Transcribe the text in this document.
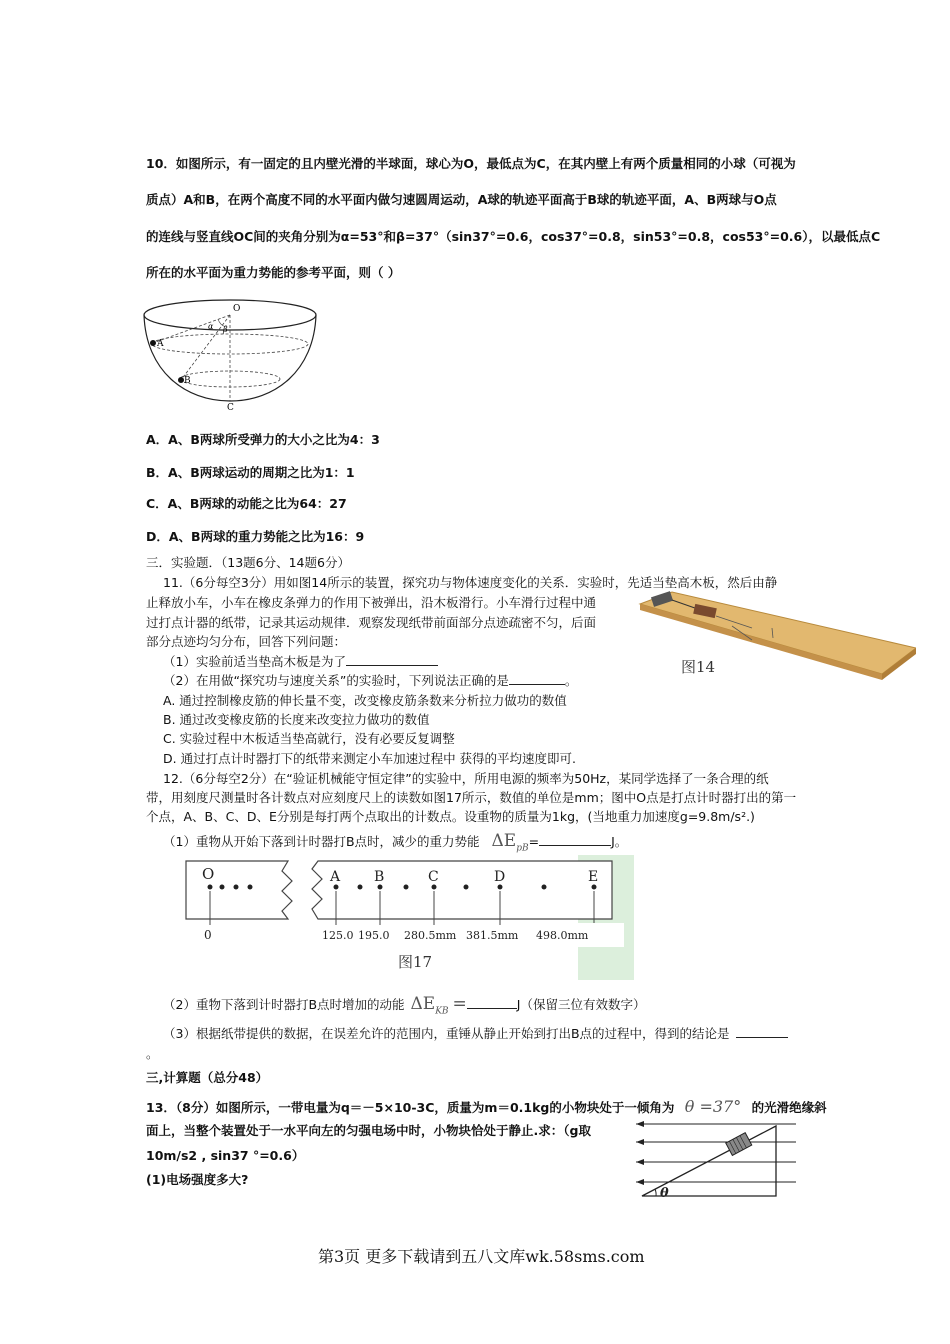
10．如图所示，有一固定的且内壁光滑的半球面，球心为O，最低点为C，在其内壁上有两个质量相同的小球（可视为
质点）A和B，在两个高度不同的水平面内做匀速圆周运动，A球的轨迹平面高于B球的轨迹平面，A、B两球与O点
的连线与竖直线OC间的夹角分别为α=53°和β=37°（sin37°=0.6，cos37°=0.8，sin53°=0.8，cos53°=0.6），以最低点C
所在的水平面为重力势能的参考平面，则（ ）
O
A
B
C
α β
A．A、B两球所受弹力的大小之比为4：3
B．A、B两球运动的周期之比为1：1
C．A、B两球的动能之比为64：27
D．A、B两球的重力势能之比为16：9
三．实验题．（13题6分、14题6分）
11.（6分每空3分）用如图14所示的装置，探究功与物体速度变化的关系．实验时，先适当垫高木板，然后由静
止释放小车，小车在橡皮条弹力的作用下被弹出，沿木板滑行。小车滑行过程中通
过打点计器的纸带，记录其运动规律．观察发现纸带前面部分点迹疏密不匀，后面
部分点迹均匀分布，回答下列问题：
（1）实验前适当垫高木板是为了
（2）在用做“探究功与速度关系”的实验时，下列说法正确的是	。
A. 通过控制橡皮筋的伸长量不变，改变橡皮筋条数来分析拉力做功的数值
B. 通过改变橡皮筋的长度来改变拉力做功的数值
C. 实验过程中木板适当垫高就行，没有必要反复调整
D. 通过打点计时器打下的纸带来测定小车加速过程中 获得的平均速度即可.
图14
12.（6分每空2分）在“验证机械能守恒定律”的实验中，所用电源的频率为50Hz，某同学选择了一条合理的纸
带，用刻度尺测量时各计数点对应刻度尺上的读数如图17所示，数值的单位是mm；图中O点是打点计时器打出的第一
个点，A、B、C、D、E分别是每打两个点取出的计数点。设重物的质量为1kg，(当地重力加速度g=9.8m/s².)
（1）重物从开始下落到计时器打B点时，减少的重力势能 $\Delta E_{pB}=$	J。
O	A B	C	D	E
0	125.0 195.0 280.5mm 381.5mm 498.0mm
图17
（2）重物下落到计时器打B点时增加的动能 $\Delta E_{KB}$ =	J（保留三位有效数字）
（3）根据纸带提供的数据，在误差允许的范围内，重锤从静止开始到打出B点的过程中，得到的结论是
。
三,计算题（总分48）
13．（8分）如图所示，一带电量为q＝－5×10-3C，质量为m＝0.1kg的小物块处于一倾角为 θ =37° 的光滑绝缘斜
面上，当整个装置处于一水平向左的匀强电场中时，小物块恰处于静止.求：（g取
10m/s2 , sin37 °=0.6）
(1)电场强度多大?
θ
第3页 更多下载请到五八文库wk.58sms.com
